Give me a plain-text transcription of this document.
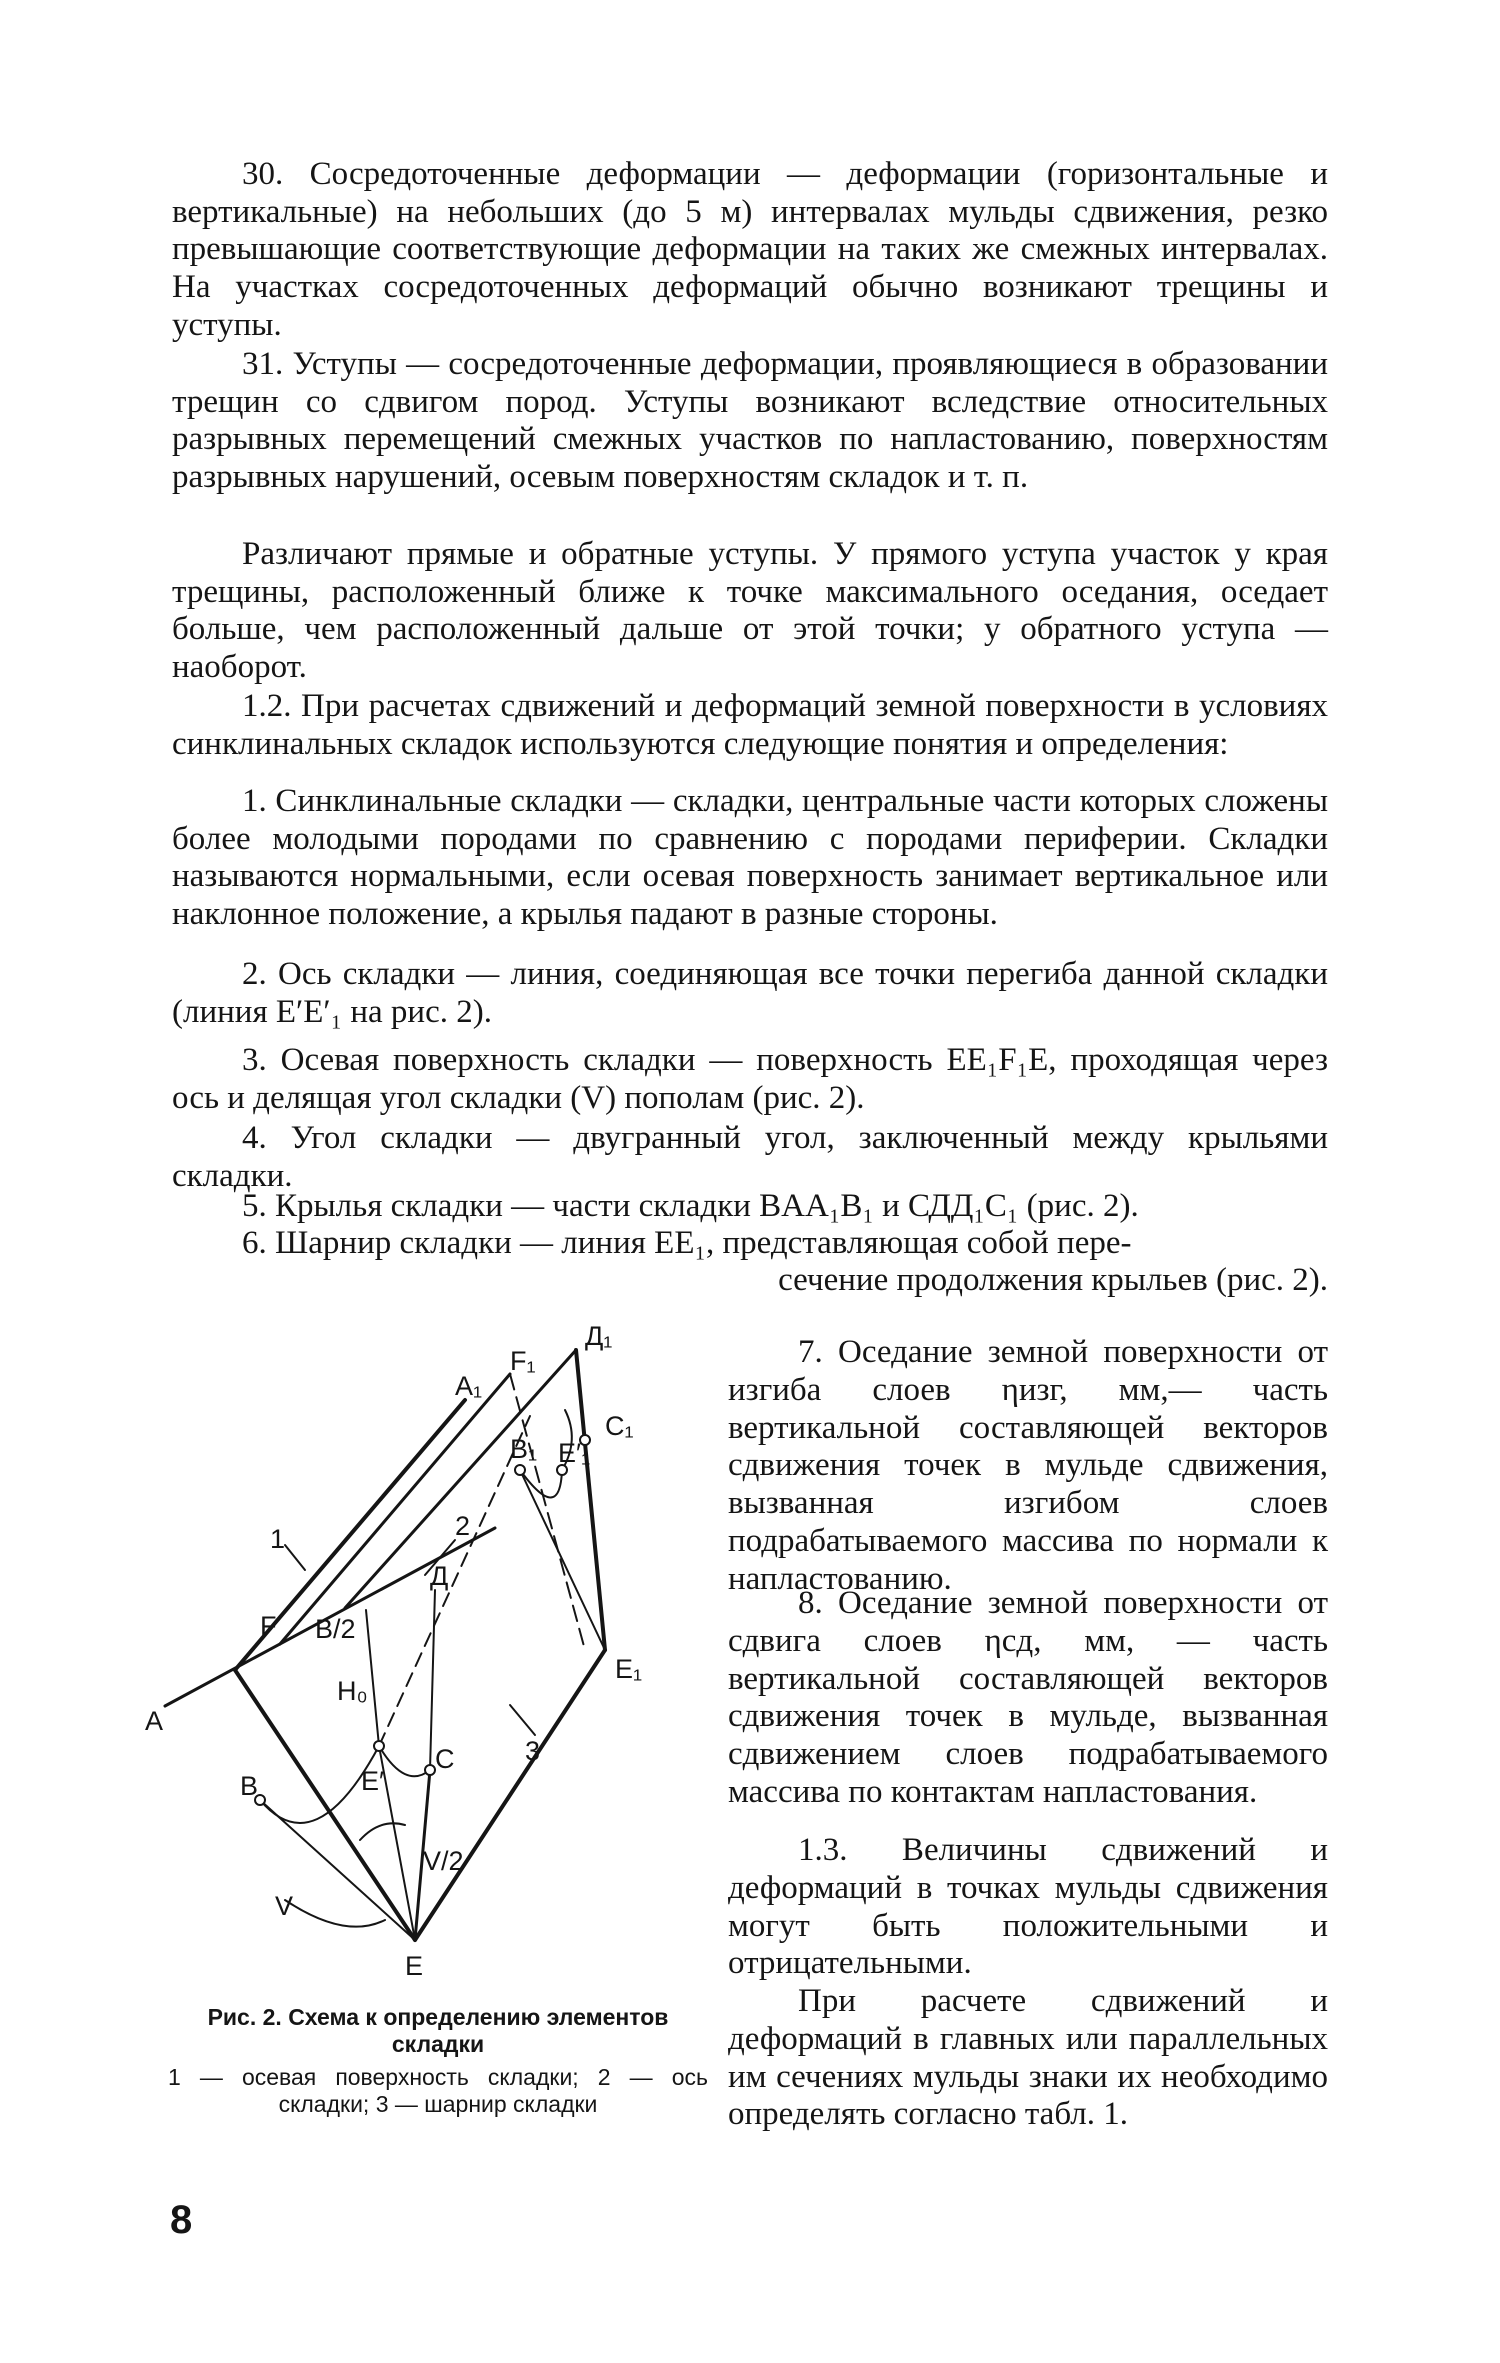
30. Сосредоточенные деформации — деформации (горизонтальные и вертикальные) на небольших (до 5 м) интервалах мульды сдвижения, резко превышающие соответствующие деформации на таких же смежных интервалах. На участках сосредоточенных деформаций обычно возникают трещины и уступы.

31. Уступы — сосредоточенные деформации, проявляющиеся в образовании трещин со сдвигом пород. Уступы возникают вследствие относительных разрывных перемещений смежных участков по напластованию, поверхностям разрывных нарушений, осевым поверхностям складок и т. п.

Различают прямые и обратные уступы. У прямого уступа участок у края трещины, расположенный ближе к точке максимального оседания, оседает больше, чем расположенный дальше от этой точки; у обратного уступа — наоборот.

1.2. При расчетах сдвижений и деформаций земной поверхности в условиях синклинальных складок используются следующие понятия и определения:

1. Синклинальные складки — складки, центральные части которых сложены более молодыми породами по сравнению с породами периферии. Складки называются нормальными, если осевая поверхность занимает вертикальное или наклонное положение, а крылья падают в разные стороны.

2. Ось складки — линия, соединяющая все точки перегиба данной складки (линия E′E′₁ на рис. 2).

3. Осевая поверхность складки — поверхность EE₁F₁E, проходящая через ось и делящая угол складки (V) пополам (рис. 2).

4. Угол складки — двугранный угол, заключенный между крыльями складки.

5. Крылья складки — части складки BAA₁B₁ и СДД₁C₁ (рис. 2).

6. Шарнир складки — линия EE₁, представляющая собой пере-

сечение продолжения крыльев (рис. 2).

7. Оседание земной поверхности от изгиба слоев ηизг, мм,— часть вертикальной составляющей векторов сдвижения точек в мульде сдвижения, вызванная изгибом слоев подрабатываемого массива по нормали к напластованию.

8. Оседание земной поверхности от сдвига слоев ηсд, мм, — часть вертикальной составляющей векторов сдвижения точек в мульде, вызванная сдвижением слоев подрабатываемого массива по контактам напластования.

1.3. Величины сдвижений и деформаций в точках мульды сдвижения могут быть положительными и отрицательными.

При расчете сдвижений и деформаций в главных или параллельных им сечениях мульды знаки их необходимо определять согласно табл. 1.

A
A₁
F₁
Д₁
C₁
B₁ E′₁
E₁
Д
F B/2
H₀
C
B	E′
E
V
V/2
1	2
3
Рис. 2. Схема к определению элементов складки
1 — осевая поверхность складки; 2 — ось складки; 3 — шарнир складки
8
